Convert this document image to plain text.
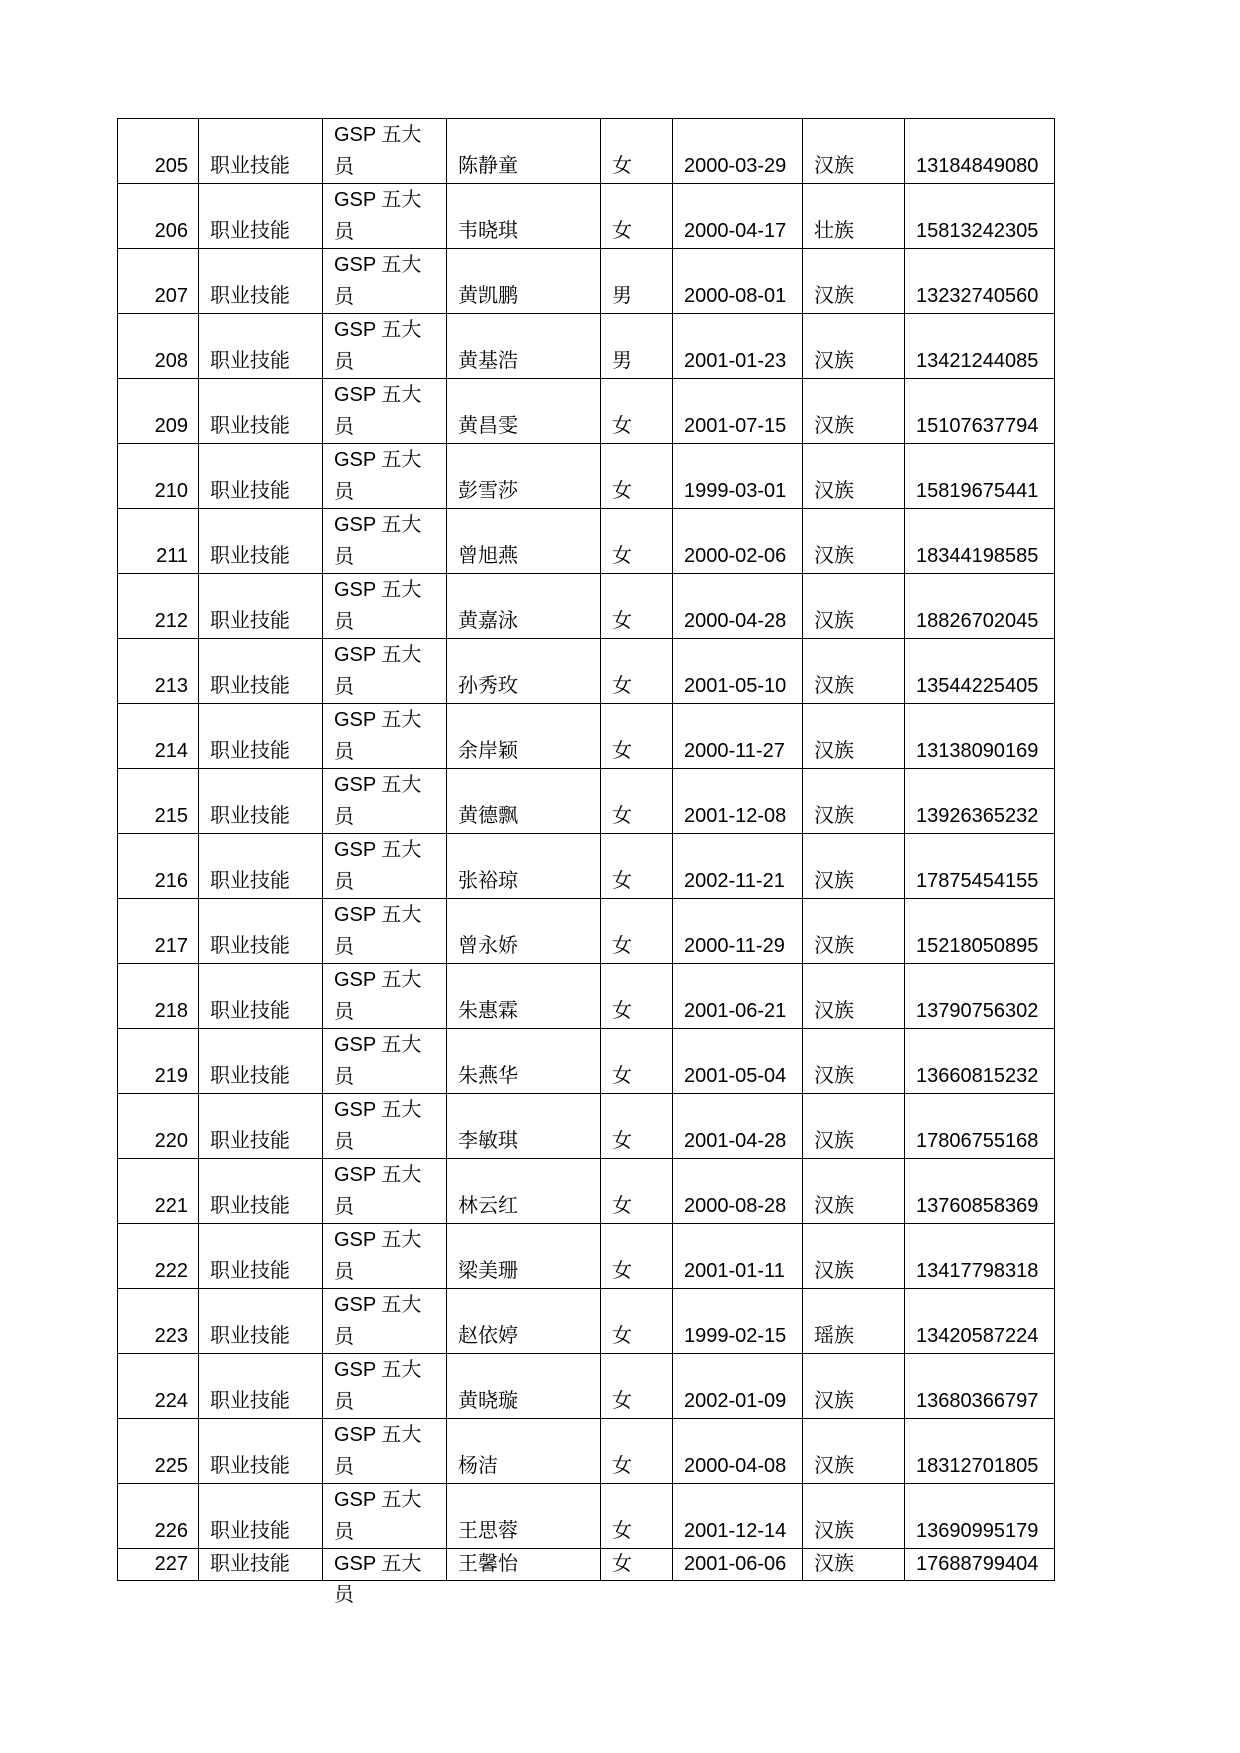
205	职业技能	GSP 五大员	陈静童	女	2000-03-29	汉族	13184849080
206	职业技能	GSP 五大员	韦晓琪	女	2000-04-17	壮族	15813242305
207	职业技能	GSP 五大员	黄凯鹏	男	2000-08-01	汉族	13232740560
208	职业技能	GSP 五大员	黄基浩	男	2001-01-23	汉族	13421244085
209	职业技能	GSP 五大员	黄昌雯	女	2001-07-15	汉族	15107637794
210	职业技能	GSP 五大员	彭雪莎	女	1999-03-01	汉族	15819675441
211	职业技能	GSP 五大员	曾旭燕	女	2000-02-06	汉族	18344198585
212	职业技能	GSP 五大员	黄嘉泳	女	2000-04-28	汉族	18826702045
213	职业技能	GSP 五大员	孙秀玫	女	2001-05-10	汉族	13544225405
214	职业技能	GSP 五大员	余岸颖	女	2000-11-27	汉族	13138090169
215	职业技能	GSP 五大员	黄德飘	女	2001-12-08	汉族	13926365232
216	职业技能	GSP 五大员	张裕琼	女	2002-11-21	汉族	17875454155
217	职业技能	GSP 五大员	曾永娇	女	2000-11-29	汉族	15218050895
218	职业技能	GSP 五大员	朱惠霖	女	2001-06-21	汉族	13790756302
219	职业技能	GSP 五大员	朱燕华	女	2001-05-04	汉族	13660815232
220	职业技能	GSP 五大员	李敏琪	女	2001-04-28	汉族	17806755168
221	职业技能	GSP 五大员	林云红	女	2000-08-28	汉族	13760858369
222	职业技能	GSP 五大员	梁美珊	女	2001-01-11	汉族	13417798318
223	职业技能	GSP 五大员	赵依婷	女	1999-02-15	瑶族	13420587224
224	职业技能	GSP 五大员	黄晓璇	女	2002-01-09	汉族	13680366797
225	职业技能	GSP 五大员	杨洁	女	2000-04-08	汉族	18312701805
226	职业技能	GSP 五大员	王思蓉	女	2001-12-14	汉族	13690995179
227	职业技能	GSP 五大员	王馨怡	女	2001-06-06	汉族	17688799404
